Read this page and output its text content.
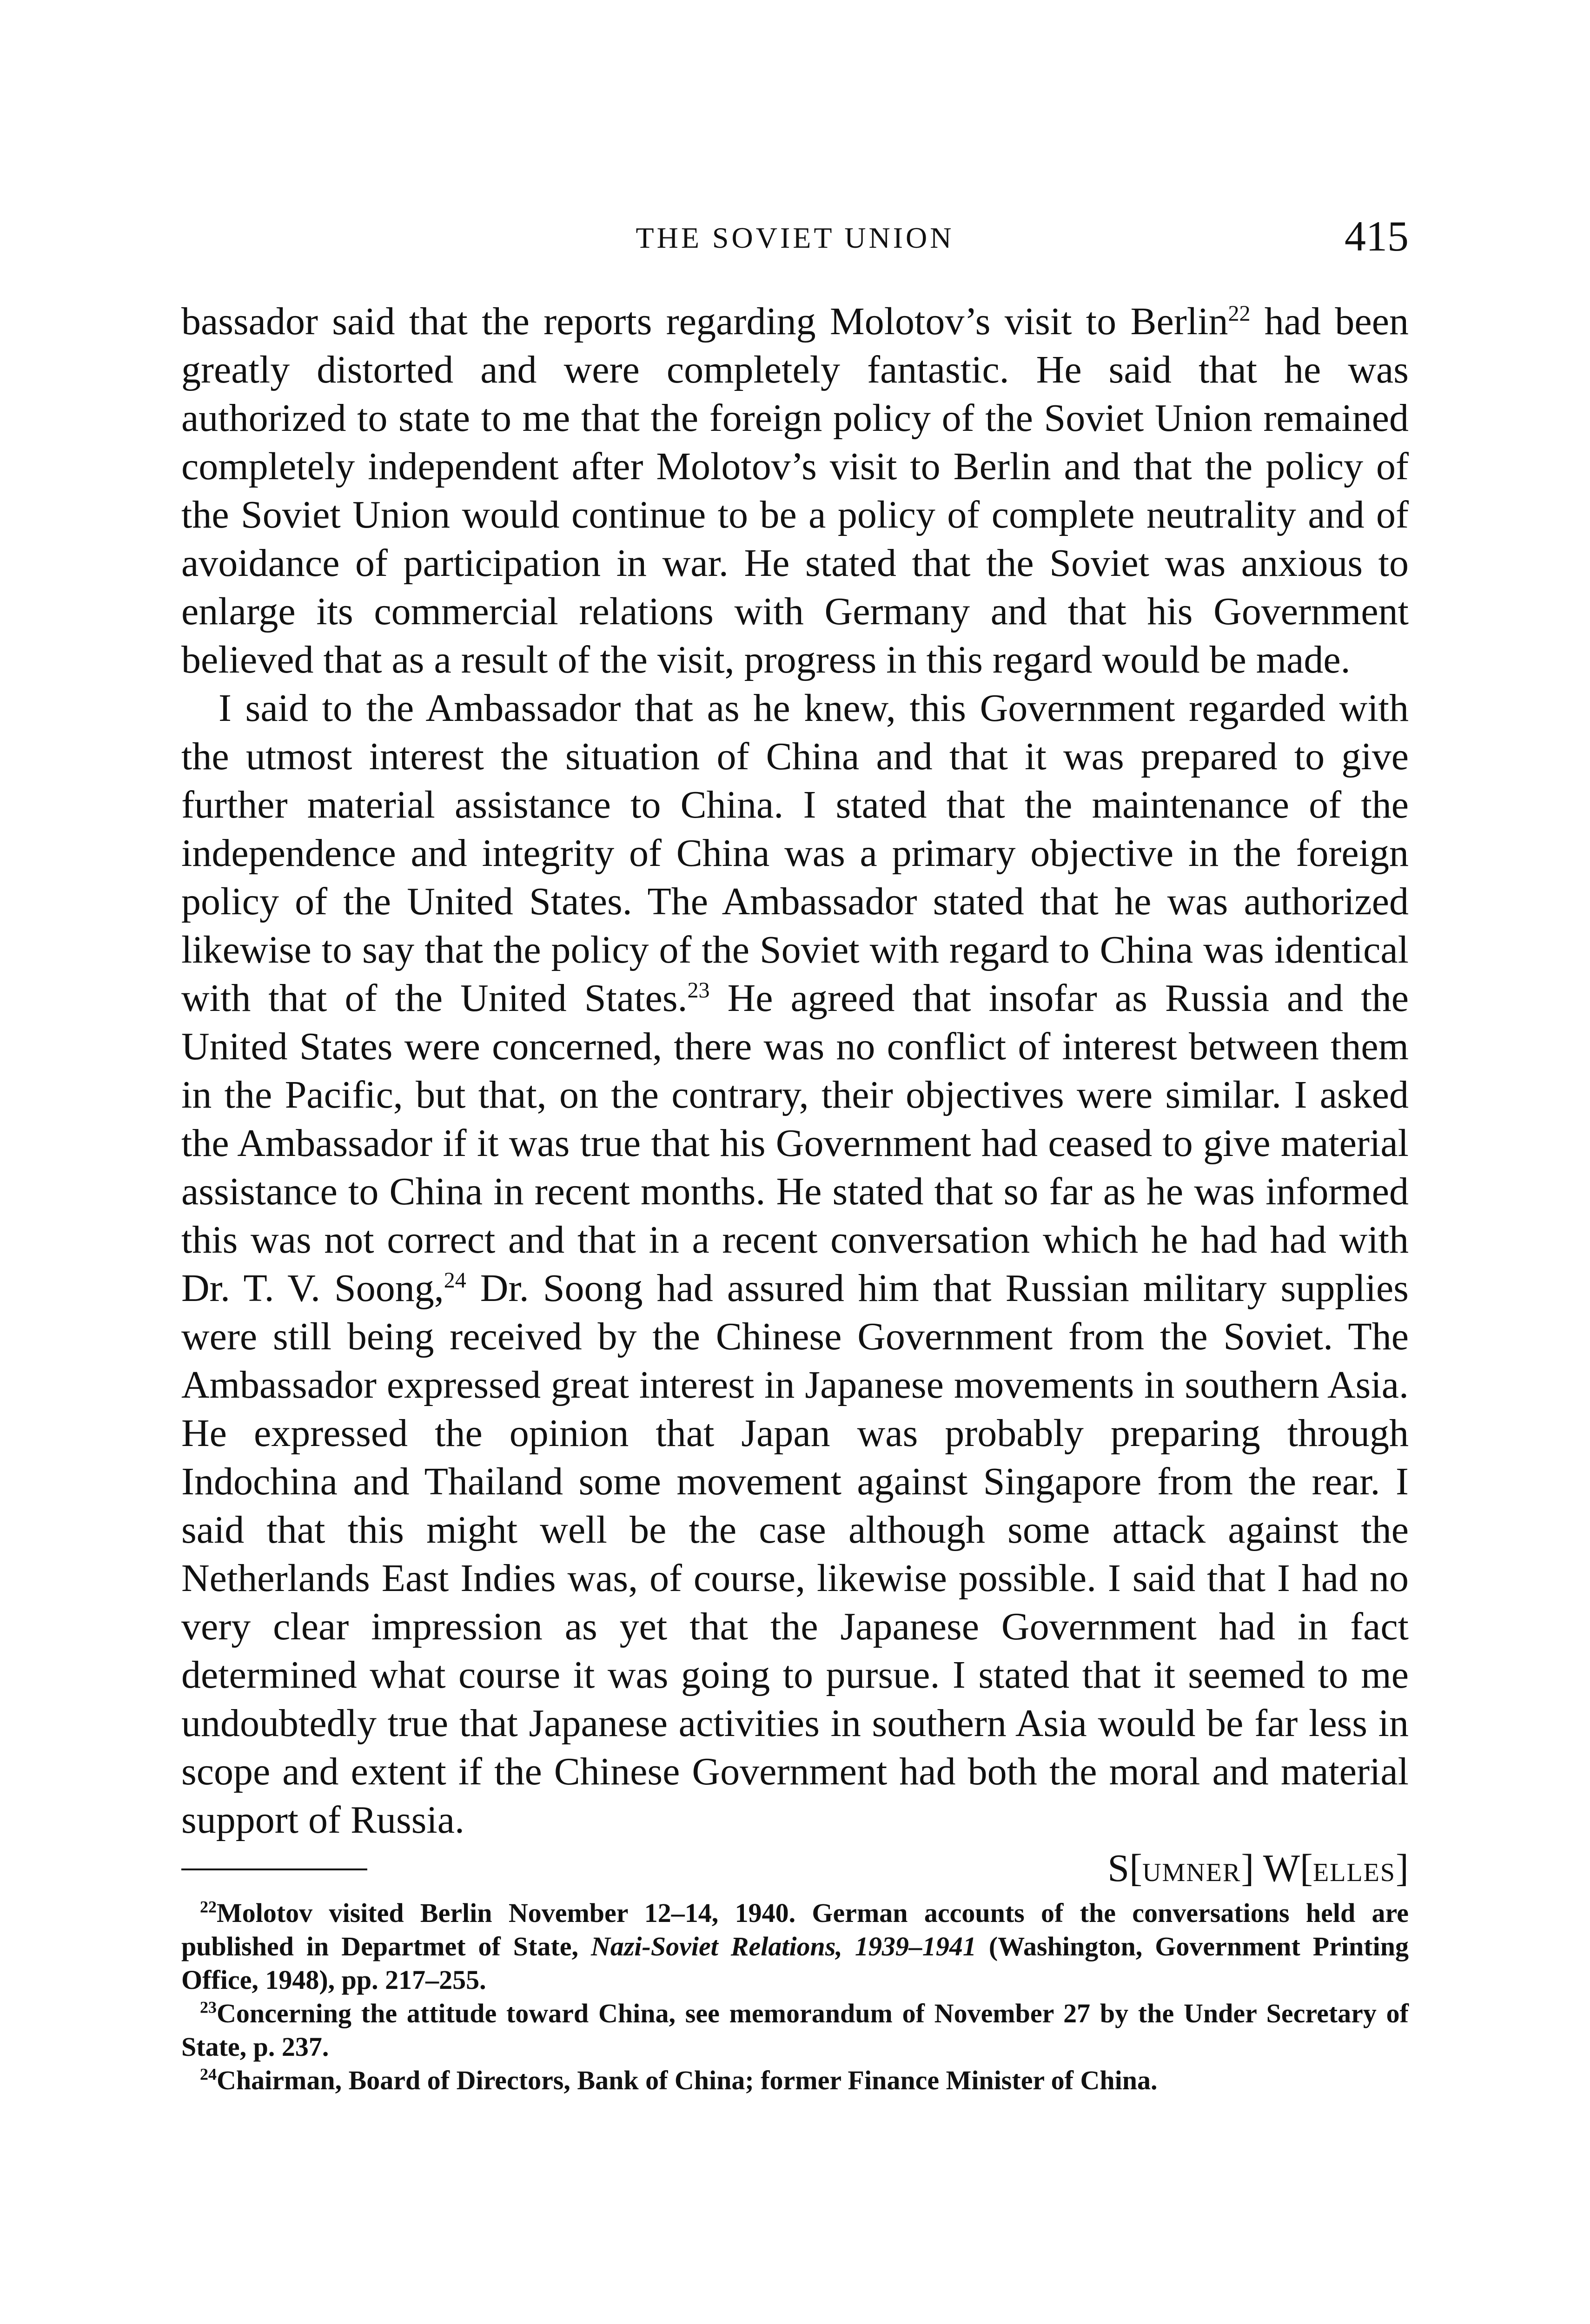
THE SOVIET UNION	415

bassador said that the reports regarding Molotov’s visit to Berlin$^{22}$ had been greatly distorted and were completely fantastic. He said that he was authorized to state to me that the foreign policy of the Soviet Union remained completely independent after Molotov’s visit to Berlin and that the policy of the Soviet Union would continue to be a policy of complete neutrality and of avoidance of participation in war. He stated that the Soviet was anxious to enlarge its commercial relations with Germany and that his Government believed that as a result of the visit, progress in this regard would be made.

I said to the Ambassador that as he knew, this Government regarded with the utmost interest the situation of China and that it was prepared to give further material assistance to China. I stated that the maintenance of the independence and integrity of China was a primary objective in the foreign policy of the United States. The Ambassador stated that he was authorized likewise to say that the policy of the Soviet with regard to China was identical with that of the United States.$^{23}$ He agreed that insofar as Russia and the United States were concerned, there was no conflict of interest between them in the Pacific, but that, on the contrary, their objectives were similar. I asked the Ambassador if it was true that his Government had ceased to give material assistance to China in recent months. He stated that so far as he was informed this was not correct and that in a recent conversation which he had had with Dr. T. V. Soong,$^{24}$ Dr. Soong had assured him that Russian military supplies were still being received by the Chinese Government from the Soviet. The Ambassador expressed great interest in Japanese movements in southern Asia. He expressed the opinion that Japan was probably preparing through Indochina and Thailand some movement against Singapore from the rear. I said that this might well be the case although some attack against the Netherlands East Indies was, of course, likewise possible. I said that I had no very clear impression as yet that the Japanese Government had in fact determined what course it was going to pursue. I stated that it seemed to me undoubtedly true that Japanese activities in southern Asia would be far less in scope and extent if the Chinese Government had both the moral and material support of Russia.

S[UMNER] W[ELLES]

$^{22}$Molotov visited Berlin November 12–14, 1940. German accounts of the conversations held are published in Departmet of State, Nazi-Soviet Relations, 1939–1941 (Washington, Government Printing Office, 1948), pp. 217–255.

$^{23}$Concerning the attitude toward China, see memorandum of November 27 by the Under Secretary of State, p. 237.

$^{24}$Chairman, Board of Directors, Bank of China; former Finance Minister of China.
